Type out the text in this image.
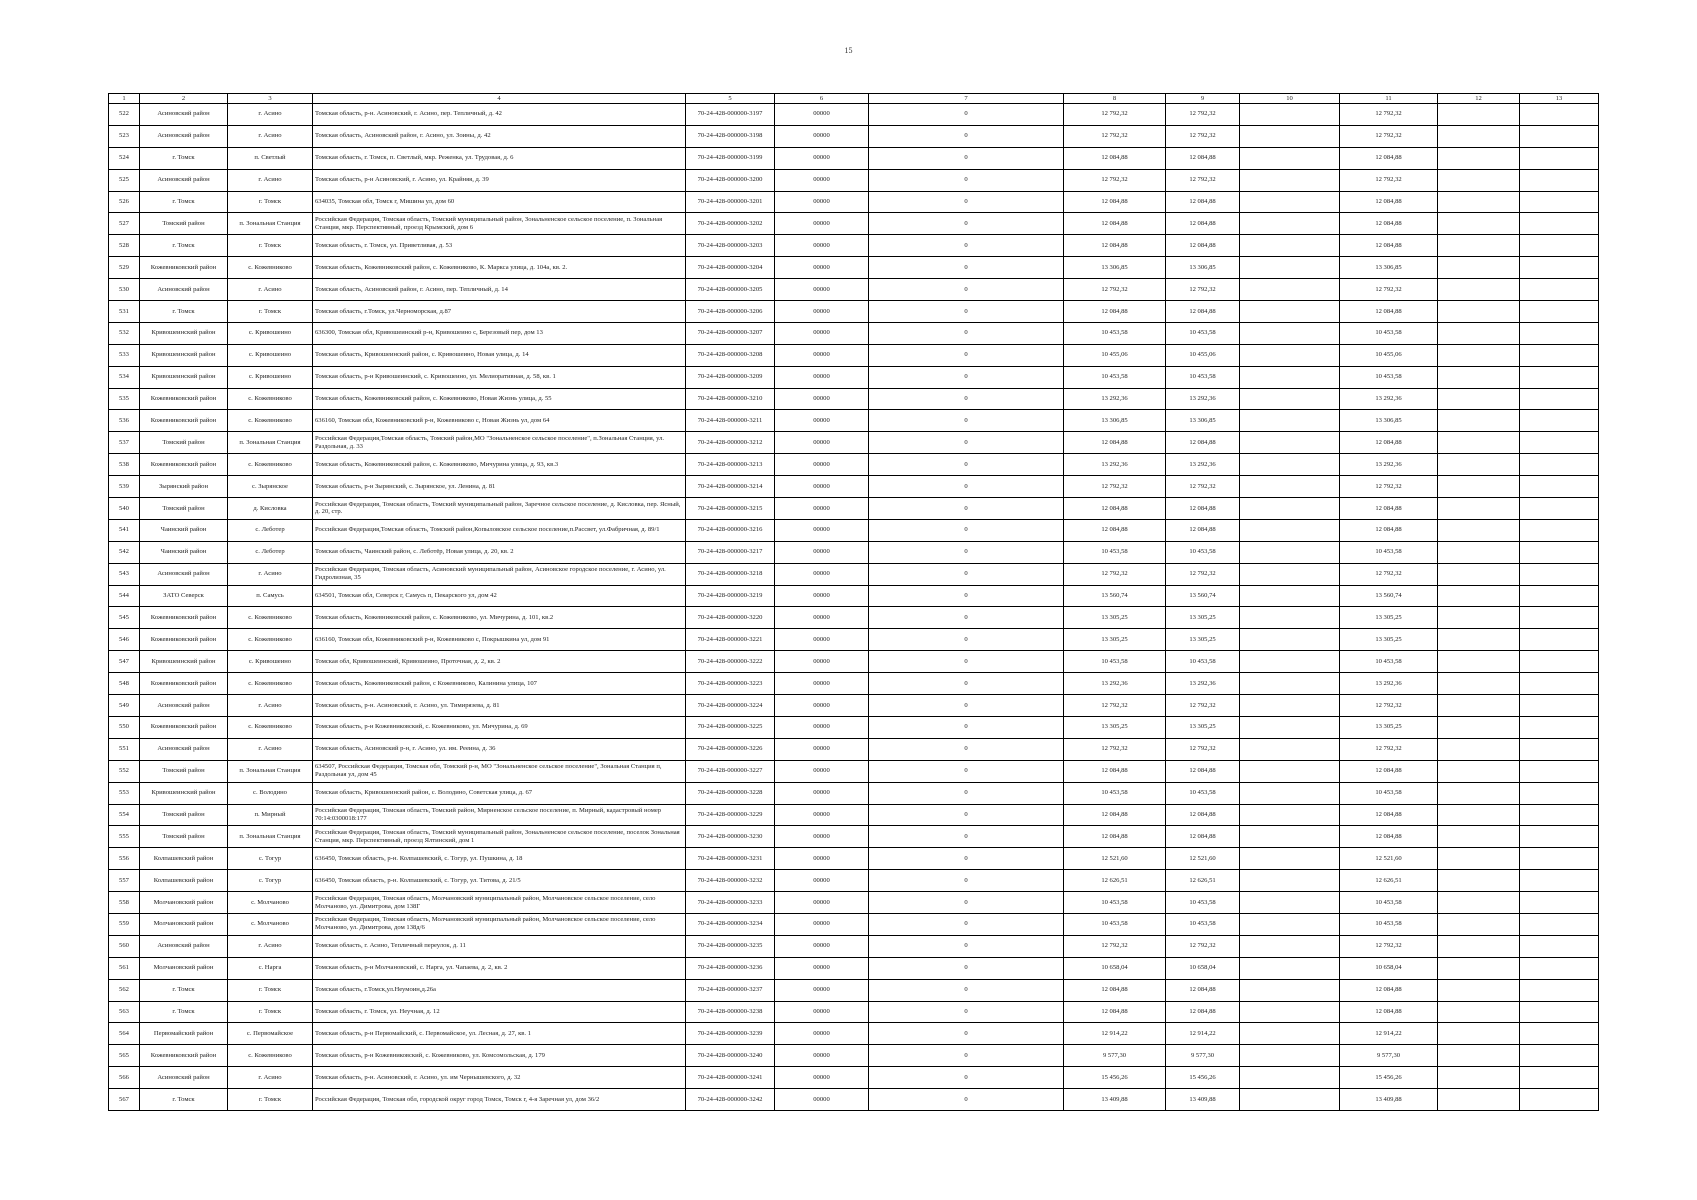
15
1	2	3	4	5	6	7	8	9	10	11	12	13
522	Асиновский район	г. Асино	Томская область, р-н. Асиновский, г. Асино, пер. Тепличный, д. 42	70-24-428-000000-3197	00000	0	12 792,32	12 792,32		12 792,32		
523	Асиновский район	г. Асино	Томская область, Асиновский район, г. Асино, ул. Зоины, д. 42	70-24-428-000000-3198	00000	0	12 792,32	12 792,32		12 792,32		
524	г. Томск	п. Светлый	Томская область, г. Томск, п. Светлый, мкр. Реженка, ул. Трудовая, д. 6	70-24-428-000000-3199	00000	0	12 084,88	12 084,88		12 084,88		
525	Асиновский район	г. Асино	Томская область, р-н Асиновский, г. Асино, ул. Крайняя, д. 39	70-24-428-000000-3200	00000	0	12 792,32	12 792,32		12 792,32		
526	г. Томск	г. Томск	634035, Томская обл, Томск г, Мишина ул, дом 60	70-24-428-000000-3201	00000	0	12 084,88	12 084,88		12 084,88		
527	Томский район	п. Зональная Станция	Российская Федерация, Томская область, Томский муниципальный район, Зональненское сельское поселение, п. Зональная Станция, мкр. Перспективный, проезд Крымский, дом 6	70-24-428-000000-3202	00000	0	12 084,88	12 084,88		12 084,88		
528	г. Томск	г. Томск	Томская область, г. Томск, ул. Приветливая, д. 53	70-24-428-000000-3203	00000	0	12 084,88	12 084,88		12 084,88		
529	Кожевниковский район	с. Кожевниково	Томская область, Кожевниковский район, с. Кожевниково, К. Маркса улица, д. 104а, кв. 2.	70-24-428-000000-3204	00000	0	13 306,85	13 306,85		13 306,85		
530	Асиновский район	г. Асино	Томская область, Асиновский район, г. Асино, пер. Тепличный, д. 14	70-24-428-000000-3205	00000	0	12 792,32	12 792,32		12 792,32		
531	г. Томск	г. Томск	Томская область, г.Томск, ул.Черноморская, д.87	70-24-428-000000-3206	00000	0	12 084,88	12 084,88		12 084,88		
532	Кривошеинский район	с. Кривошеино	636300, Томская обл, Кривошеинский р-н, Кривошеино с, Березовый пер, дом 13	70-24-428-000000-3207	00000	0	10 453,58	10 453,58		10 453,58		
533	Кривошеинский район	с. Кривошеино	Томская область, Кривошеинский район, с. Кривошеино, Новая улица, д. 14	70-24-428-000000-3208	00000	0	10 455,06	10 455,06		10 455,06		
534	Кривошеинский район	с. Кривошеино	Томская область, р-н Кривошеинский, с. Кривошеино, ул. Мелиоративная, д. 58, кв. 1	70-24-428-000000-3209	00000	0	10 453,58	10 453,58		10 453,58		
535	Кожевниковский район	с. Кожевниково	Томская область, Кожевниковский район, с. Кожевниково, Новая Жизнь улица, д. 55	70-24-428-000000-3210	00000	0	13 292,36	13 292,36		13 292,36		
536	Кожевниковский район	с. Кожевниково	636160, Томская обл, Кожевниковский р-н, Кожевниково с, Новая Жизнь ул, дом 64	70-24-428-000000-3211	00000	0	13 306,85	13 306,85		13 306,85		
537	Томский район	п. Зональная Станция	Российская Федерация,Томская область, Томский район,МО "Зональненское сельское поселение", п.Зональная Станция, ул. Раздольная, д. 33	70-24-428-000000-3212	00000	0	12 084,88	12 084,88		12 084,88		
538	Кожевниковский район	с. Кожевниково	Томская область, Кожевниковский район, с. Кожевниково, Мичурина улица, д. 93, кв.3	70-24-428-000000-3213	00000	0	13 292,36	13 292,36		13 292,36		
539	Зырянский район	с. Зырянское	Томская область, р-н Зырянский, с. Зырянское, ул. Ленина, д. 81	70-24-428-000000-3214	00000	0	12 792,32	12 792,32		12 792,32		
540	Томский район	д. Кисловка	Российская Федерация, Томская область, Томский муниципальный район, Заречное сельское поселение, д. Кисловка, пер. Ясный, д. 20, стр.	70-24-428-000000-3215	00000	0	12 084,88	12 084,88		12 084,88		
541	Чаинский район	с. Леботер	Российская Федерация,Томская область, Томский район,Копыловское сельское поселение,п.Рассвет, ул.Фабричная, д. 89/1	70-24-428-000000-3216	00000	0	12 084,88	12 084,88		12 084,88		
542	Чаинский район	с. Леботер	Томская область, Чаинский район, с. Леботёр, Новая улица, д. 20, кв. 2	70-24-428-000000-3217	00000	0	10 453,58	10 453,58		10 453,58		
543	Асиновский район	г. Асино	Российская Федерация, Томская область, Асиновский муниципальный район, Асиновское городское поселение, г. Асино, ул. Гидролизная, 35	70-24-428-000000-3218	00000	0	12 792,32	12 792,32		12 792,32		
544	ЗАТО Северск	п. Самусь	634501, Томская обл, Северск г, Самусь п, Пекарского ул, дом 42	70-24-428-000000-3219	00000	0	13 560,74	13 560,74		13 560,74		
545	Кожевниковский район	с. Кожевниково	Томская область, Кожевниковский район, с. Кожевниково, ул. Мичурина, д. 101, кв.2	70-24-428-000000-3220	00000	0	13 305,25	13 305,25		13 305,25		
546	Кожевниковский район	с. Кожевниково	636160, Томская обл, Кожевниковский р-н, Кожевниково с, Покрышкина ул, дом 91	70-24-428-000000-3221	00000	0	13 305,25	13 305,25		13 305,25		
547	Кривошеинский район	с. Кривошеино	Томская обл, Кривошеинский, Кривошеино, Проточная, д. 2, кв. 2	70-24-428-000000-3222	00000	0	10 453,58	10 453,58		10 453,58		
548	Кожевниковский район	с. Кожевниково	Томская область, Кожевниковский район, с Кожевниково, Калинина улица, 107	70-24-428-000000-3223	00000	0	13 292,36	13 292,36		13 292,36		
549	Асиновский район	г. Асино	Томская область, р-н. Асиновский, г. Асино, ул. Тимирязева, д. 81	70-24-428-000000-3224	00000	0	12 792,32	12 792,32		12 792,32		
550	Кожевниковский район	с. Кожевниково	Томская область, р-н Кожевниковский, с. Кожевниково, ул. Мичурина, д. 69	70-24-428-000000-3225	00000	0	13 305,25	13 305,25		13 305,25		
551	Асиновский район	г. Асино	Томская область, Асиновский р-н, г. Асино, ул. им. Рееина, д. 36	70-24-428-000000-3226	00000	0	12 792,32	12 792,32		12 792,32		
552	Томский район	п. Зональная Станция	634507, Российская Федерация, Томская обл, Томский р-н, МО "Зональненское сельское поселение", Зональная Станция п, Раздольная ул, дом 45	70-24-428-000000-3227	00000	0	12 084,88	12 084,88		12 084,88		
553	Кривошеинский район	с. Володино	Томская область, Кривошеинский район, с. Володино, Советская улица, д. 67	70-24-428-000000-3228	00000	0	10 453,58	10 453,58		10 453,58		
554	Томский район	п. Мирный	Российская Федерация, Томская область, Томский район, Мирненское сельское поселение, п. Мирный, кадастровый номер 70:14:0300018:177	70-24-428-000000-3229	00000	0	12 084,88	12 084,88		12 084,88		
555	Томский район	п. Зональная Станция	Российская Федерация, Томская область, Томский муниципальный район, Зональненское сельское поселение, поселок Зональная Станция, мкр. Перспективный, проезд Ялтинский, дом 1	70-24-428-000000-3230	00000	0	12 084,88	12 084,88		12 084,88		
556	Колпашевский район	с. Тогур	636450, Томская область, р-н. Колпашевский, с. Тогур, ул. Пушкина, д. 18	70-24-428-000000-3231	00000	0	12 521,60	12 521,60		12 521,60		
557	Колпашевский район	с. Тогур	636450, Томская область, р-н. Колпашевский, с. Тогур, ул. Титова, д. 21/5	70-24-428-000000-3232	00000	0	12 626,51	12 626,51		12 626,51		
558	Молчановский район	с. Молчаново	Российская Федерация, Томская область, Молчановский муниципальный район, Молчановское сельское поселение, село Молчаново, ул. Димитрова, дом 138Г	70-24-428-000000-3233	00000	0	10 453,58	10 453,58		10 453,58		
559	Молчановский район	с. Молчаново	Российская Федерация, Томская область, Молчановский муниципальный район, Молчановское сельское поселение, село Молчаново, ул. Димитрова, дом 138д/6	70-24-428-000000-3234	00000	0	10 453,58	10 453,58		10 453,58		
560	Асиновский район	г. Асино	Томская область, г. Асино, Тепличный переулок, д. 11	70-24-428-000000-3235	00000	0	12 792,32	12 792,32		12 792,32		
561	Молчановский район	с. Нарга	Томская область, р-н Молчановский, с. Нарга, ул. Чапаева, д. 2, кв. 2	70-24-428-000000-3236	00000	0	10 658,04	10 658,04		10 658,04		
562	г. Томск	г. Томск	Томская область, г.Томск,ул.Неумоин,д.26а	70-24-428-000000-3237	00000	0	12 084,88	12 084,88		12 084,88		
563	г. Томск	г. Томск	Томская область, г. Томск, ул. Неучная, д. 12	70-24-428-000000-3238	00000	0	12 084,88	12 084,88		12 084,88		
564	Первомайский район	с. Первомайское	Томская область, р-н Первомайский, с. Первомайское, ул. Лесная, д. 27, кв. 1	70-24-428-000000-3239	00000	0	12 914,22	12 914,22		12 914,22		
565	Кожевниковский район	с. Кожевниково	Томская область, р-н Кожевниковский, с. Кожевниково, ул. Комсомольская, д. 179	70-24-428-000000-3240	00000	0	9 577,30	9 577,30		9 577,30		
566	Асиновский район	г. Асино	Томская область, р-н. Асиновский, г. Асино, ул. им Чернышевского, д. 32	70-24-428-000000-3241	00000	0	15 456,26	15 456,26		15 456,26		
567	г. Томск	г. Томск	Российская Федерация, Томская обл, городской округ город Томск, Томск г, 4-я Заречная ул, дом 36/2	70-24-428-000000-3242	00000	0	13 409,88	13 409,88		13 409,88		
